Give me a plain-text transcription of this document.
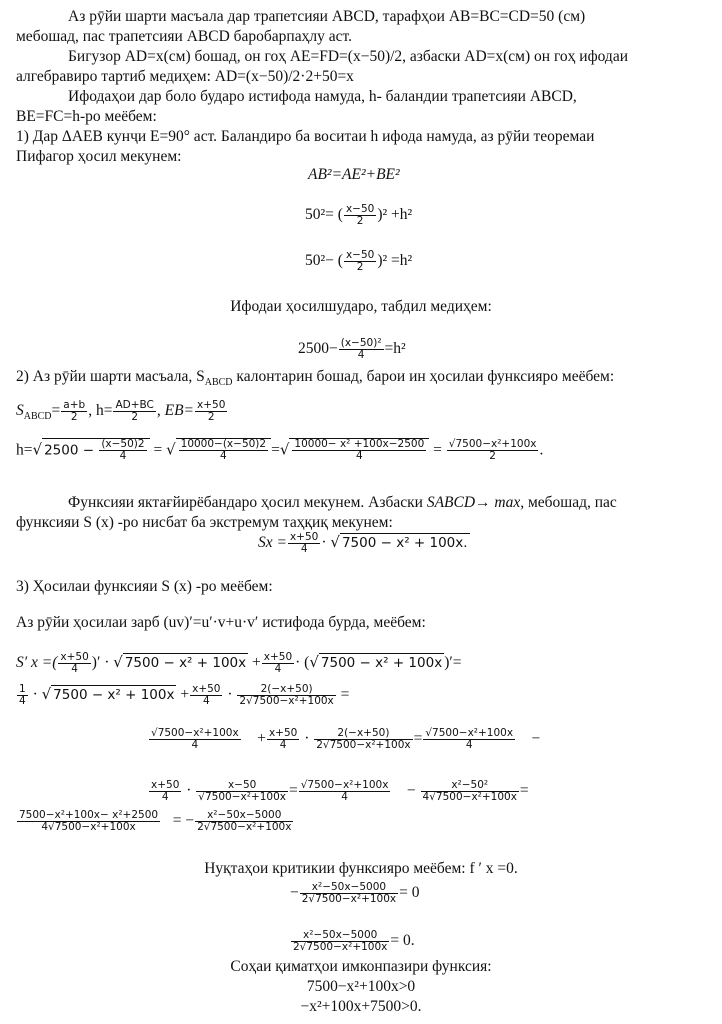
Аз рӯйи шарти масъала дар трапетсияи ABCD, тарафҳои AB=BC=CD=50 (см)
мебошад, пас трапетсияи ABCD баробарпаҳлу аст.
Бигузор AD=x(см) бошад, он гоҳ AE=FD=(x−50)/2, азбаски AD=x(см) он гоҳ ифодаи
алгебравиро тартиб медиҳем: AD=(x−50)/2·2+50=x
Ифодаҳои дар боло бударо истифода намуда, h- баландии трапетсияи ABCD,
BE=FC=h-ро меёбем:
1) Дар ΔAEB кунҷи E=90° аст. Баландиро ба воситаи h ифода намуда, аз рӯйи теоремаи
Пифагор ҳосил мекунем:
AB²=AE²+BE²
50²= ( $\frac{x-50}{2} )^2 +h^2$
50²− ( $\frac{x-50}{2} )^2 =h^2$
Ифодаи ҳосилшударо, табдил медиҳем:
$2500- \frac{\text{(x−50)²}}{4} =h^2$
2) Аз рӯйи шарти масъала, $S_{ABCD}$ калонтарин бошад, барои ин ҳосилаи функсияро меёбем:
$S_{ABCD}= \frac{a+b}{2}$ , $h= \frac{AD+BC}{2}$ , $EB= \frac{x+50}{2}$
h=√ $2500 - \frac{(x-50)2}{4}$ = √ $\frac{10000-(x-50)2}{4}$ =√ $\frac{\text{10000− x² +100x−2500}}{4} = \frac{\text{√7500−x²+100x}}{2}$ .
Функсияи яктағйирёбандаро ҳосил мекунем. Азбаски SABCD→ max, мебошад, пас
функсияи S (x) -ро нисбат ба экстремум таҳқиқ мекунем:
$Sx = \frac{x+50}{4}$ · √ 7500 − x² + 100x.
3) Ҳосилаи функсияи S (x) -ро меёбем:
Аз рӯйи ҳосилаи зарб (uv)′=u′·v+u·v′ истифода бурда, меёбем:
S′ x =( $\frac{x+50}{4}$ )′ · √ $7500 - x^2 + 100x + \frac{x+50}{4}$ · (√ 7500 − x² + 100x )′=
$\frac{1}{4}$ · √ $7500 - x^2 + 100x + \frac{x+50}{4} \cdot \frac{2(-x+50)}{\text{2√7500−x²+100x}}$ =
$\frac{\text{√7500−x²+100x}}{4} + \frac{x+50}{4} \cdot \frac{2(-x+50)}{\text{2√7500−x²+100x}} = \frac{\text{√7500−x²+100x}}{4}$ −
$\frac{x+50}{4} \cdot \frac{x-50}{\text{√7500−x²+100x}} = \frac{\text{√7500−x²+100x}}{4} - \frac{\text{x²−50²}}{\text{4√7500−x²+100x}}$ =
$\frac{\text{7500−x²+100x− x²+2500}}{\text{4√7500−x²+100x}}$ = − $\frac{\text{x²−50x−5000}}{\text{2√7500−x²+100x}}$
Нуқтаҳои критикии функсияро меёбем: f ′ x =0.
− $\frac{\text{x²−50x−5000}}{\text{2√7500−x²+100x}} = 0$
$\frac{\text{x²−50x−5000}}{\text{2√7500−x²+100x}} = 0$.
Соҳаи қиматҳои имконпазири функсия:
7500−x²+100x>0
−x²+100x+7500>0.
